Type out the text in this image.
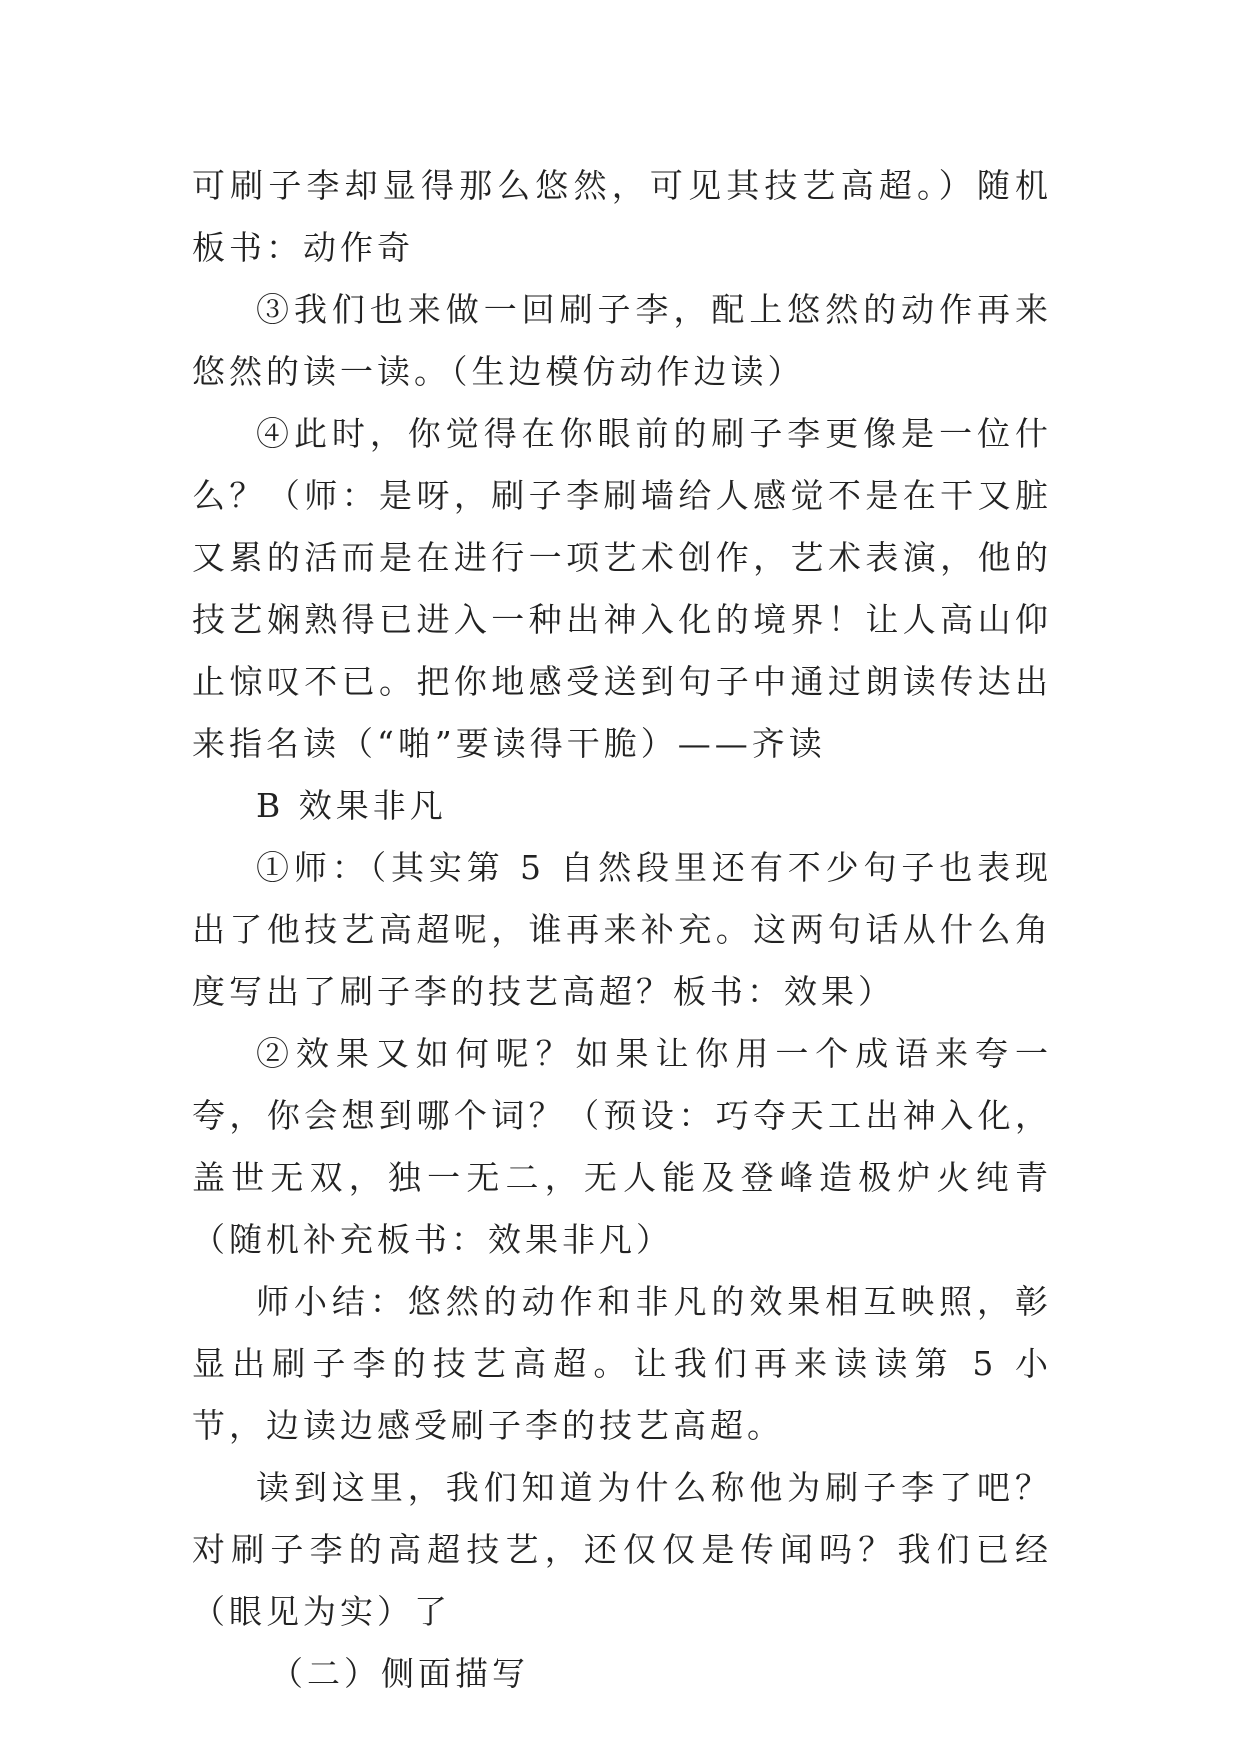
可刷子李却显得那么悠然，可见其技艺高超。）随机板书：动作奇

③我们也来做一回刷子李，配上悠然的动作再来悠然的读一读。（生边模仿动作边读）

④此时，你觉得在你眼前的刷子李更像是一位什么？（师：是呀，刷子李刷墙给人感觉不是在干又脏又累的活而是在进行一项艺术创作，艺术表演，他的技艺娴熟得已进入一种出神入化的境界！让人高山仰止惊叹不已。把你地感受送到句子中通过朗读传达出来指名读（“啪”要读得干脆）——齐读

B 效果非凡

①师：（其实第 5 自然段里还有不少句子也表现出了他技艺高超呢，谁再来补充。这两句话从什么角度写出了刷子李的技艺高超？板书：效果）

②效果又如何呢？如果让你用一个成语来夸一夸，你会想到哪个词？（预设：巧夺天工出神入化，盖世无双，独一无二，无人能及登峰造极炉火纯青（随机补充板书：效果非凡）

师小结：悠然的动作和非凡的效果相互映照，彰显出刷子李的技艺高超。让我们再来读读第 5 小节，边读边感受刷子李的技艺高超。

读到这里，我们知道为什么称他为刷子李了吧？对刷子李的高超技艺，还仅仅是传闻吗？我们已经（眼见为实）了

（二）侧面描写
